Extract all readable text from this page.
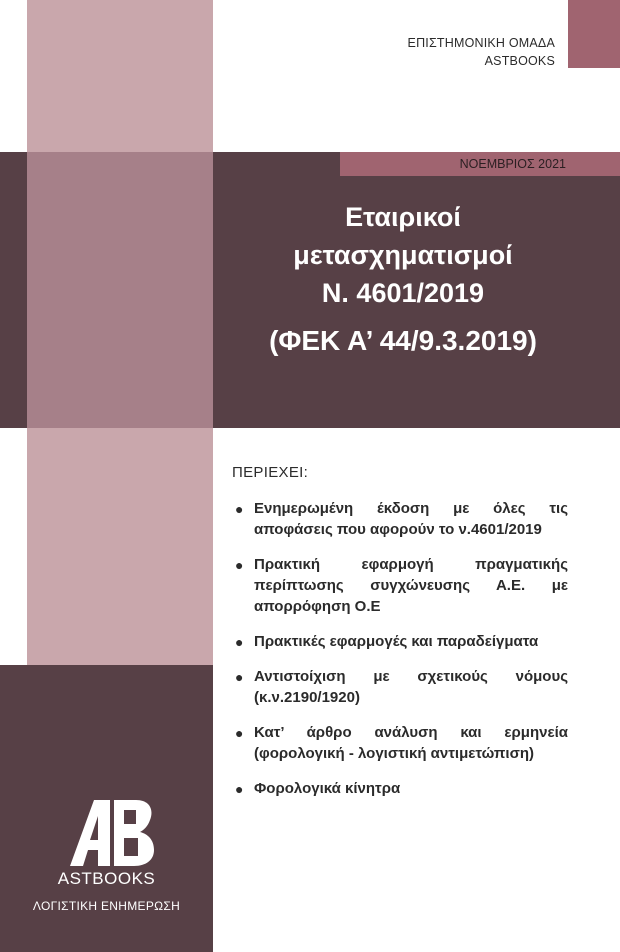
ΕΠΙΣΤΗΜΟΝΙΚΗ ΟΜΑΔΑ
ASTBOOKS
ΝΟΕΜΒΡΙΟΣ 2021
Εταιρικοί
μετασχηματισμοί
Ν. 4601/2019
(ΦΕΚ Α’ 44/9.3.2019)
ΠΕΡΙΕΧΕΙ:
● Ενημερωμένη έκδοση με όλες τις αποφάσεις που αφορούν το ν.4601/2019
● Πρακτική εφαρμογή πραγματικής περίπτωσης συγχώνευσης Α.Ε. με απορρόφηση Ο.Ε
● Πρακτικές εφαρμογές και παραδείγματα
● Αντιστοίχιση με σχετικούς νόμους (κ.ν.2190/1920)
● Κατ’ άρθρο ανάλυση και ερμηνεία (φορολογική - λογιστική αντιμετώπιση)
● Φορολογικά κίνητρα
ASTBOOKS
ΛΟΓΙΣΤΙΚΗ ΕΝΗΜΕΡΩΣΗ
